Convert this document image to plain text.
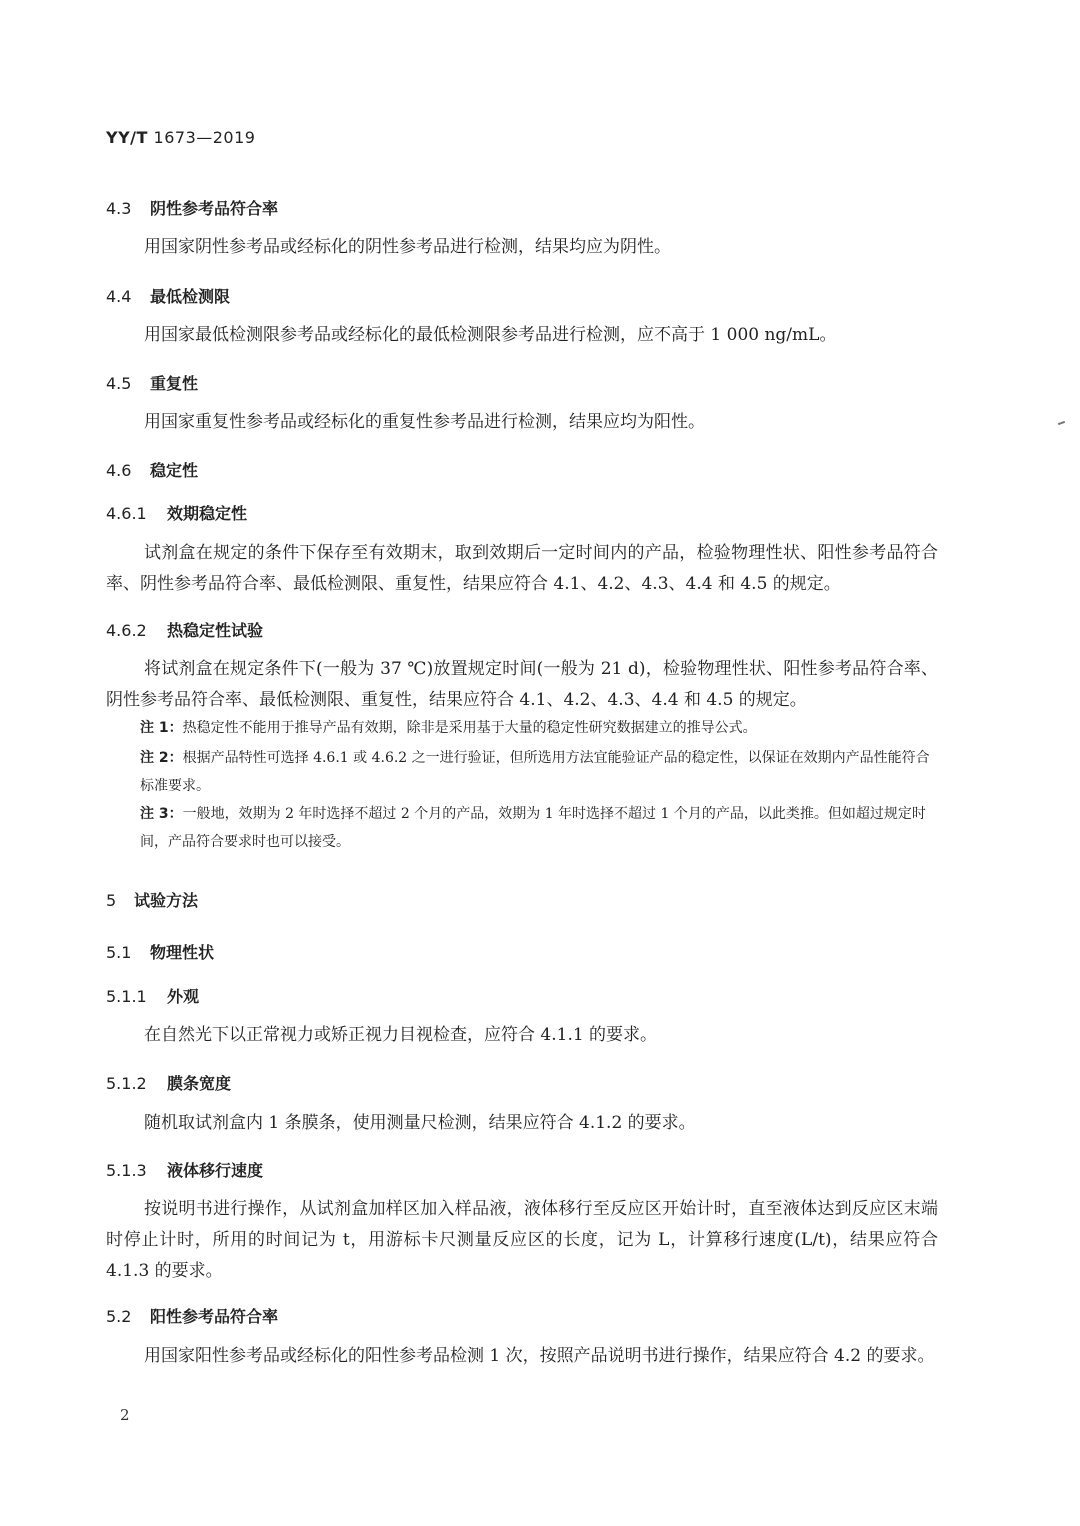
YY/T 1673—2019
4.3 阴性参考品符合率
用国家阴性参考品或经标化的阴性参考品进行检测，结果均应为阴性。
4.4 最低检测限
用国家最低检测限参考品或经标化的最低检测限参考品进行检测，应不高于 1 000 ng/mL。
4.5 重复性
用国家重复性参考品或经标化的重复性参考品进行检测，结果应均为阳性。
4.6 稳定性
4.6.1 效期稳定性
试剂盒在规定的条件下保存至有效期末，取到效期后一定时间内的产品，检验物理性状、阳性参考品符合率、阴性参考品符合率、最低检测限、重复性，结果应符合 4.1、4.2、4.3、4.4 和 4.5 的规定。
4.6.2 热稳定性试验
将试剂盒在规定条件下(一般为 37 ℃)放置规定时间(一般为 21 d)，检验物理性状、阳性参考品符合率、阴性参考品符合率、最低检测限、重复性，结果应符合 4.1、4.2、4.3、4.4 和 4.5 的规定。
注 1：热稳定性不能用于推导产品有效期，除非是采用基于大量的稳定性研究数据建立的推导公式。
注 2：根据产品特性可选择 4.6.1 或 4.6.2 之一进行验证，但所选用方法宜能验证产品的稳定性，以保证在效期内产品性能符合标准要求。
注 3：一般地，效期为 2 年时选择不超过 2 个月的产品，效期为 1 年时选择不超过 1 个月的产品，以此类推。但如超过规定时间，产品符合要求时也可以接受。
5 试验方法
5.1 物理性状
5.1.1 外观
在自然光下以正常视力或矫正视力目视检查，应符合 4.1.1 的要求。
5.1.2 膜条宽度
随机取试剂盒内 1 条膜条，使用测量尺检测，结果应符合 4.1.2 的要求。
5.1.3 液体移行速度
按说明书进行操作，从试剂盒加样区加入样品液，液体移行至反应区开始计时，直至液体达到反应区末端时停止计时，所用的时间记为 t，用游标卡尺测量反应区的长度，记为 L，计算移行速度(L/t)，结果应符合 4.1.3 的要求。
5.2 阳性参考品符合率
用国家阳性参考品或经标化的阳性参考品检测 1 次，按照产品说明书进行操作，结果应符合 4.2 的要求。
2
